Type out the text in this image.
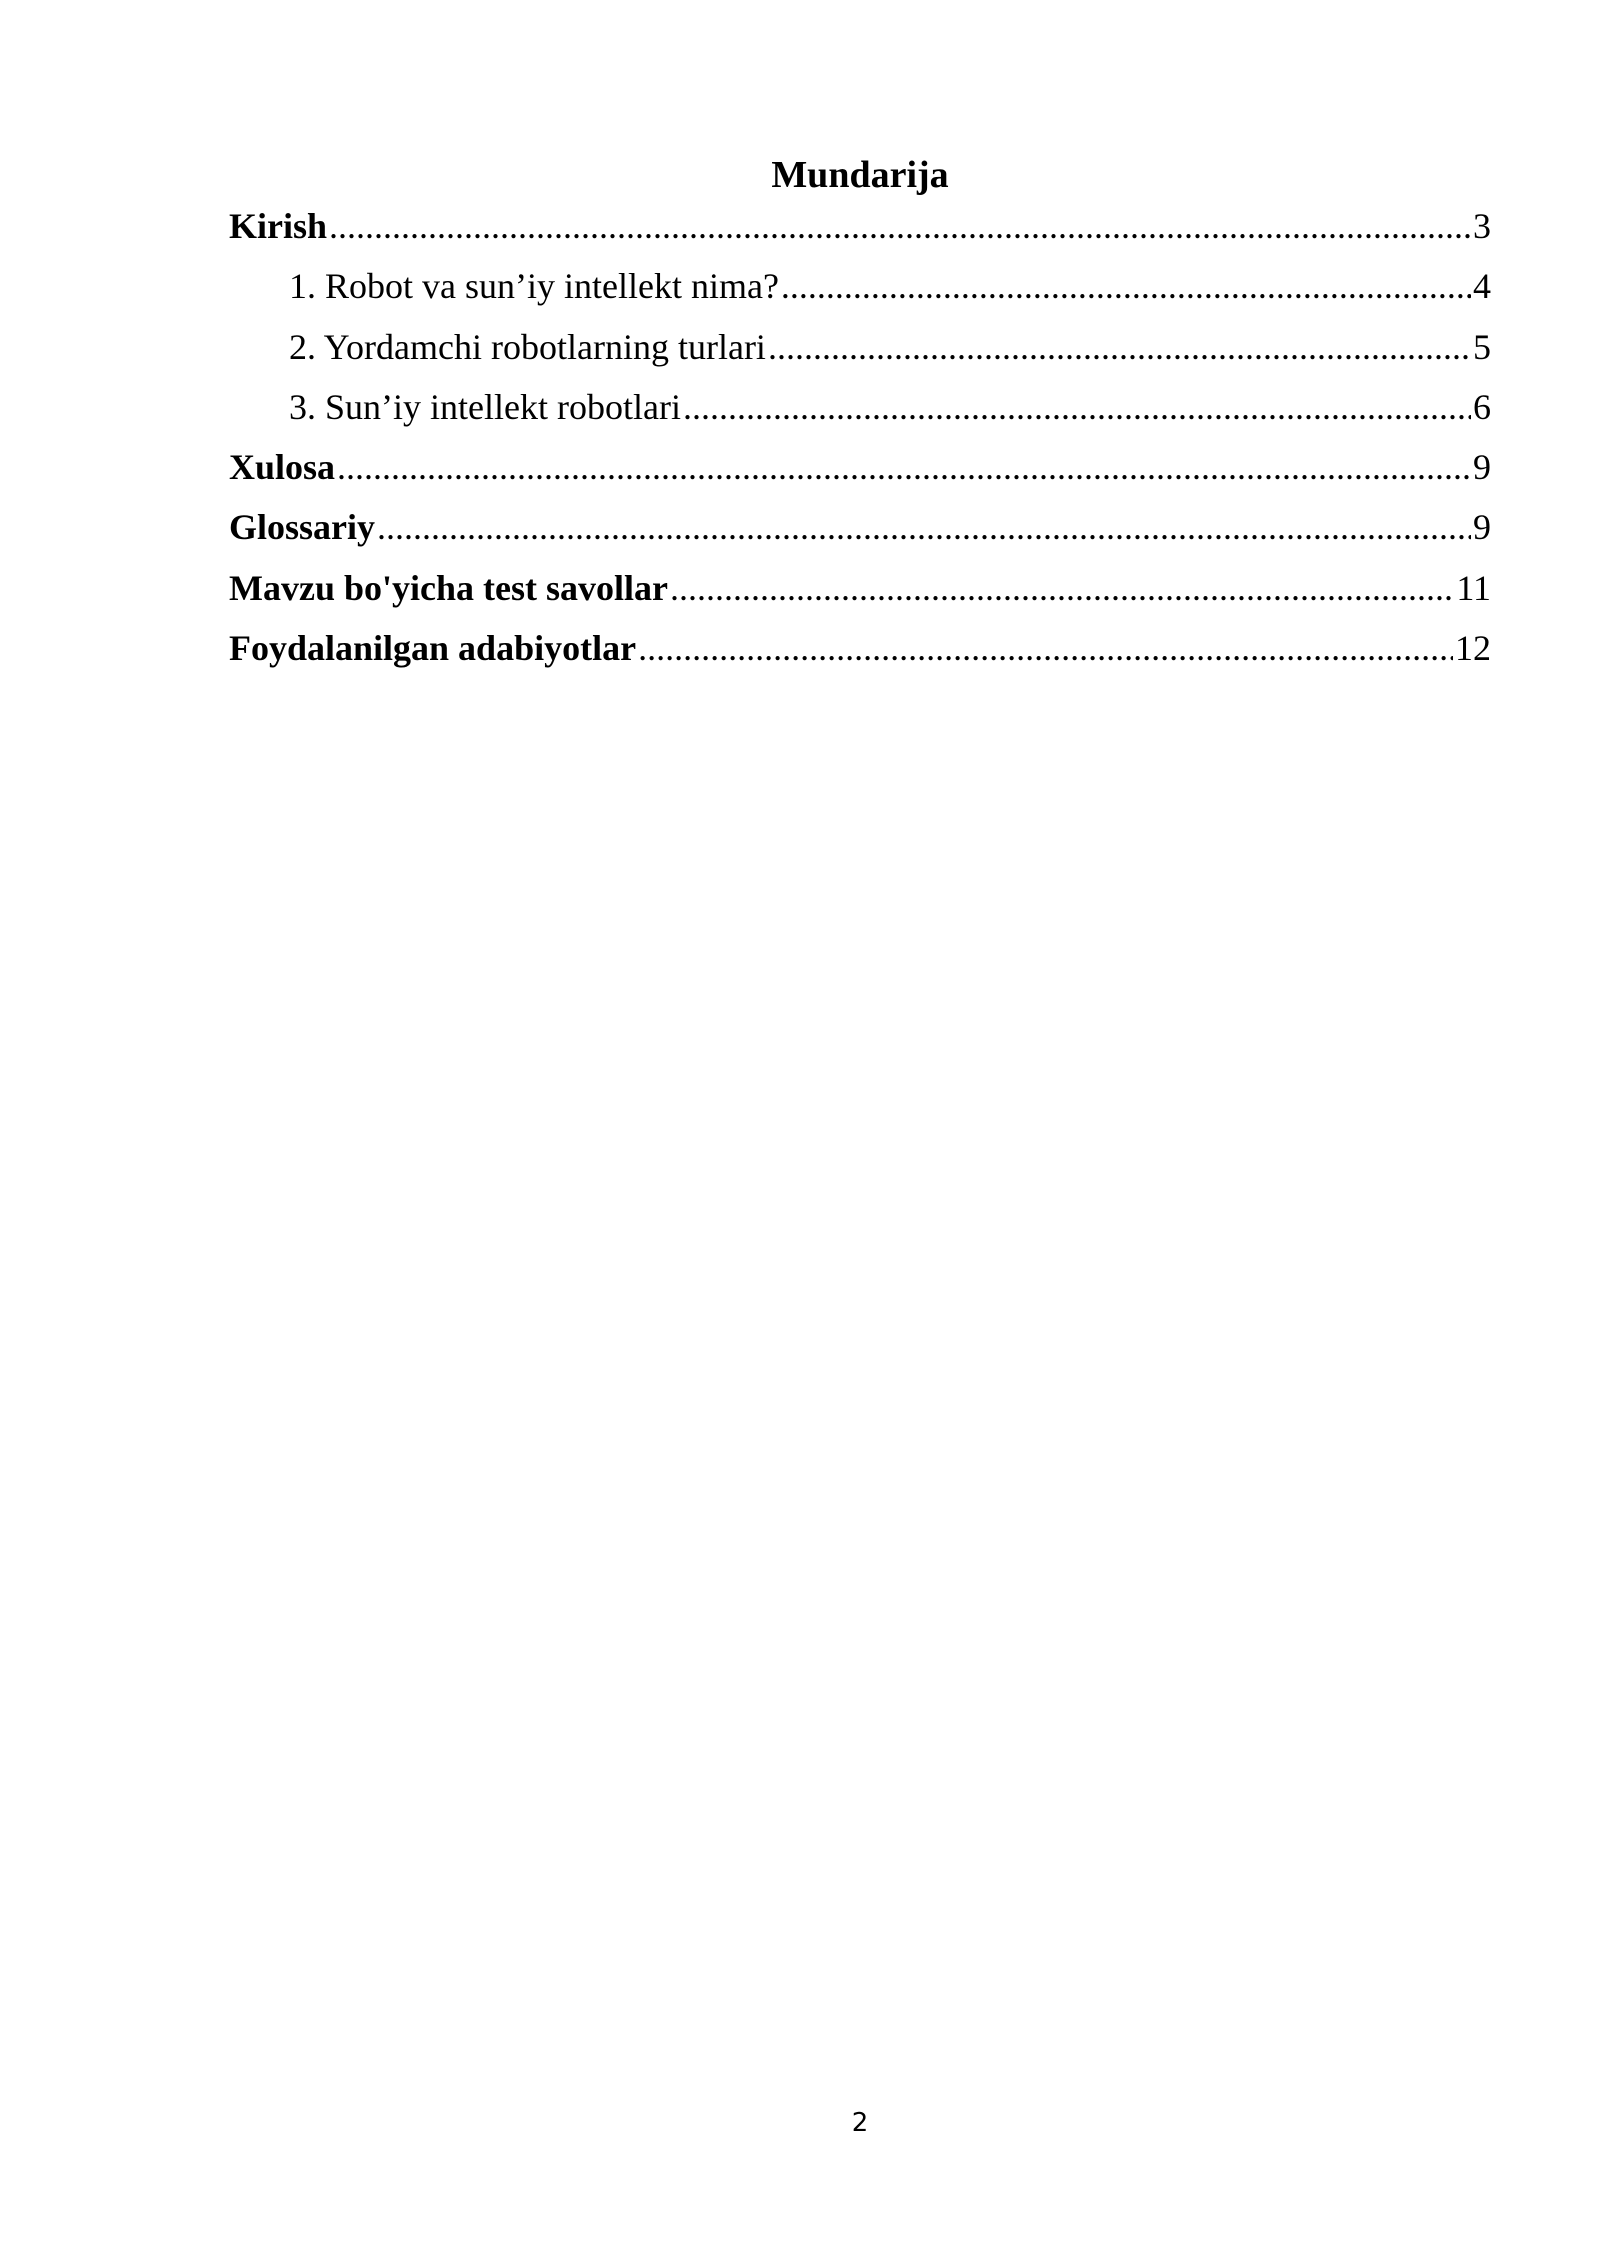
Mundarija
Kirish .....	3
1. Robot va sun’iy intellekt nima? .....	4
2. Yordamchi robotlarning turlari .....	5
3. Sun’iy intellekt robotlari .....	6
Xulosa .....	9
Glossariy .....	9
Mavzu bo'yicha test savollar .....	11
Foydalanilgan adabiyotlar .....	12
2
